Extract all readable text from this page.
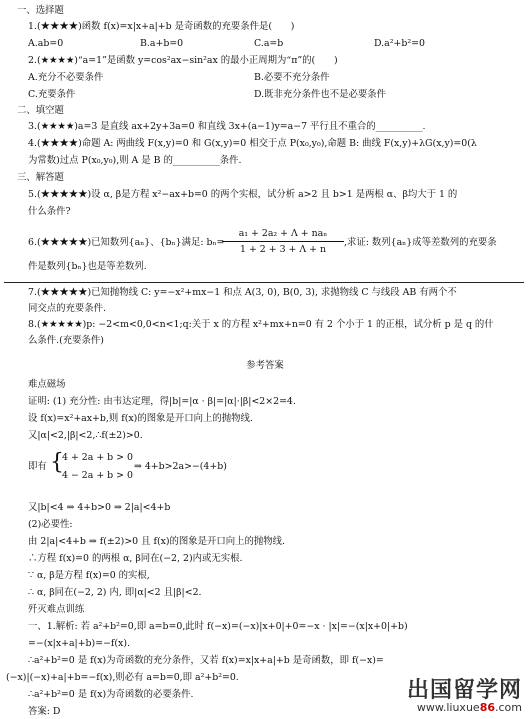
一、选择题
1.(★★★★)函数 f(x)=x|x+a|+b 是奇函数的充要条件是(　　)
A.ab=0	B.a+b=0	C.a=b	D.a²+b²=0
2.(★★★★)“a=1”是函数 y=cos²ax−sin²ax 的最小正周期为“π”的(　　)
A.充分不必要条件	B.必要不充分条件
C.充要条件	D.既非充分条件也不是必要条件
二、填空题
3.(★★★★)a=3 是直线 ax+2y+3a=0 和直线 3x+(a−1)y=a−7 平行且不重合的__________.
4.(★★★★)命题 A: 两曲线 F(x,y)=0 和 G(x,y)=0 相交于点 P(x₀,y₀),命题 B: 曲线 F(x,y)+λG(x,y)=0(λ
为常数)过点 P(x₀,y₀),则 A 是 B 的__________条件.
三、解答题
5.(★★★★★)设 α, β是方程 x²−ax+b=0 的两个实根，试分析 a>2 且 b>1 是两根 α、β均大于 1 的
什么条件?
6.(★★★★★)已知数列{aₙ}、{bₙ}满足: bₙ=
a₁ + 2a₂ + Λ + naₙ
1 + 2 + 3 + Λ + n
,求证: 数列{aₙ}成等差数列的充要条
件是数列{bₙ}也是等差数列.
7.(★★★★★)已知抛物线 C: y=−x²+mx−1 和点 A(3, 0), B(0, 3), 求抛物线 C 与线段 AB 有两个不
同交点的充要条件.
8.(★★★★★)p: −2<m<0,0<n<1;q:关于 x 的方程 x²+mx+n=0 有 2 个小于 1 的正根，试分析 p 是 q 的什
么条件.(充要条件)
参考答案
难点磁场
证明: (1) 充分性: 由韦达定理，得|b|=|α · β|=|α|·|β|<2×2=4.
设 f(x)=x²+ax+b,则 f(x)的图象是开口向上的抛物线.
又|α|<2,|β|<2,∴f(±2)>0.
即有 {
4 + 2a + b > 0
4 − 2a + b > 0
⇒ 4+b>2a>−(4+b)
又|b|<4 ⇒ 4+b>0 ⇒ 2|a|<4+b
(2)必要性:
由 2|a|<4+b ⇒ f(±2)>0 且 f(x)的图象是开口向上的抛物线.
∴方程 f(x)=0 的两根 α, β同在(−2, 2)内或无实根.
∵ α, β是方程 f(x)=0 的实根,
∴ α, β同在(−2, 2) 内, 即|α|<2 且|β|<2.
歼灭难点训练
一、1.解析: 若 a²+b²=0,即 a=b=0,此时 f(−x)=(−x)|x+0|+0=−x · |x|=−(x|x+0|+b)
=−(x|x+a|+b)=−f(x).
∴a²+b²=0 是 f(x)为奇函数的充分条件，又若 f(x)=x|x+a|+b 是奇函数，即 f(−x)=
(−x)|(−x)+a|+b=−f(x),则必有 a=b=0,即 a²+b²=0.
∴a²+b²=0 是 f(x)为奇函数的必要条件.
答案: D
出国留学网
www.liuxue86.com
